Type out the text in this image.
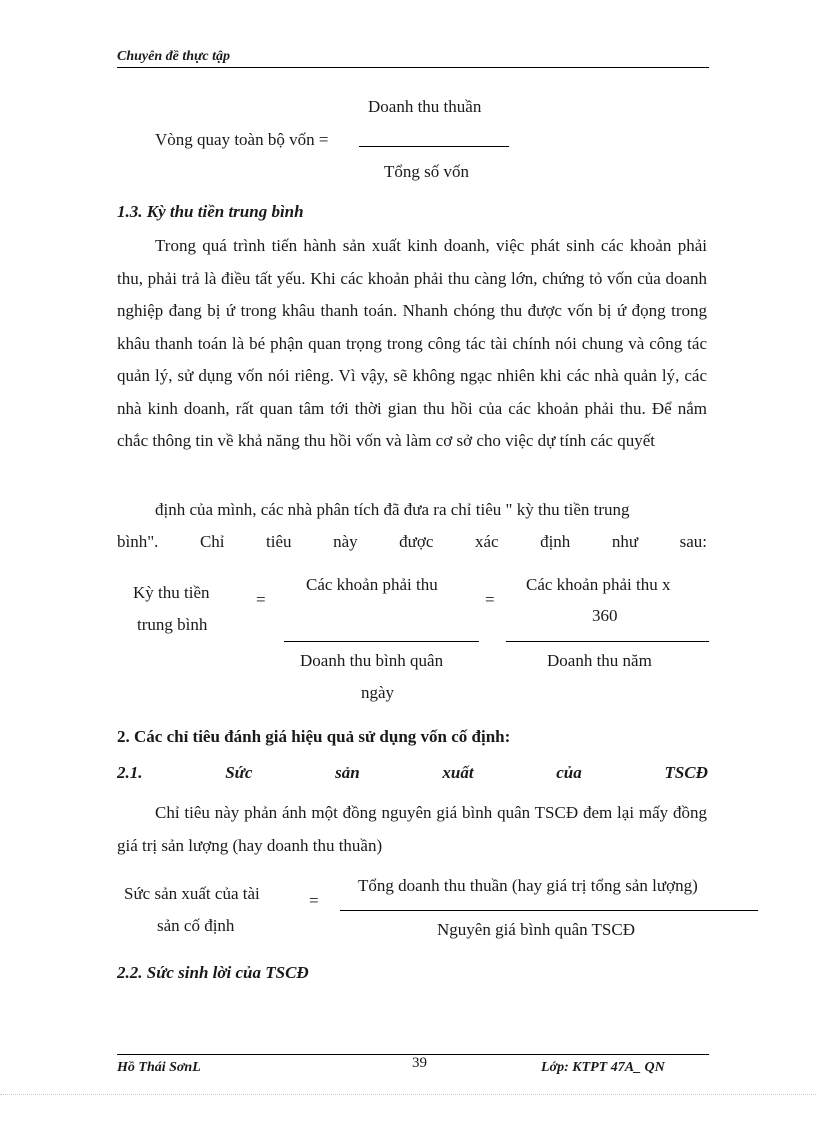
Chuyên đề thực tập
Doanh thu thuần
Vòng quay toàn bộ vốn =
Tổng số vốn
1.3. Kỳ thu tiền trung bình

Trong quá trình tiến hành sản xuất kinh doanh, việc phát sinh các khoản phải thu, phải trả là điều tất yếu. Khi các khoản phải thu càng lớn, chứng tỏ vốn của doanh nghiệp đang bị ứ trong khâu thanh toán. Nhanh chóng thu được vốn bị ứ đọng trong khâu thanh toán là bé phận quan trọng trong công tác tài chính nói chung và công tác quản lý, sử dụng vốn nói riêng. Vì vậy, sẽ không ngạc nhiên khi các nhà quản lý, các nhà kinh doanh, rất quan tâm tới thời gian thu hồi của các khoản phải thu. Để nắm chắc thông tin về khả năng thu hồi vốn và làm cơ sở cho việc dự tính các quyết

định của mình, các nhà phân tích đã đưa ra chỉ tiêu " kỳ thu tiền trung
bình". Chỉ tiêu này được xác định như sau:
Kỳ thu tiền
trung bình
=
Các khoản phải thu
Doanh thu bình quân
ngày
=
Các khoản phải thu x
360
Doanh thu năm
2. Các chỉ tiêu đánh giá hiệu quả sử dụng vốn cố định:
2.1.	Sức	sản	xuất	của	TSCĐ

Chỉ tiêu này phản ánh một đồng nguyên giá bình quân TSCĐ đem lại mấy đồng giá trị sản lượng (hay doanh thu thuần)

Sức sản xuất của tài
sản cố định
=
Tổng doanh thu thuần (hay giá trị tổng sản lượng)
Nguyên giá bình quân TSCĐ
2.2. Sức sinh lời của TSCĐ
Hồ Thái SơnL	39	Lớp: KTPT 47A_ QN
